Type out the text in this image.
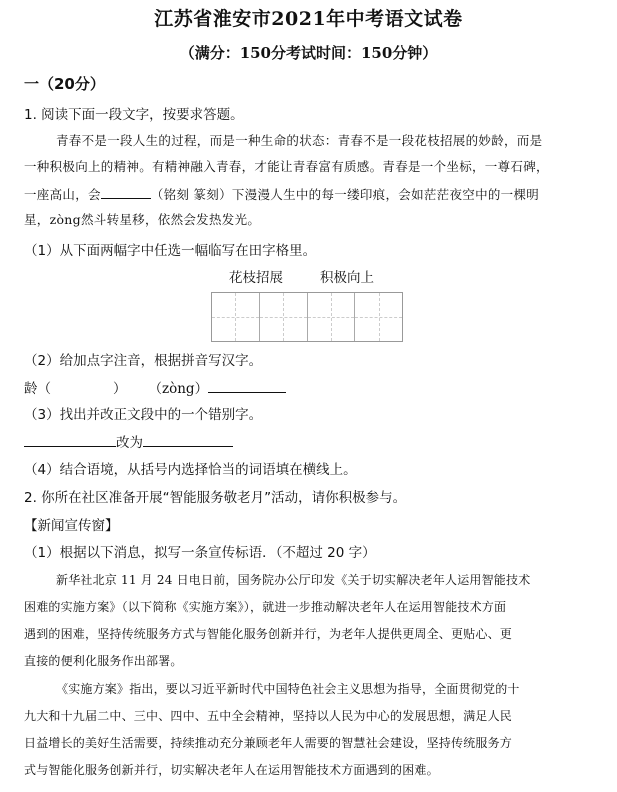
江苏省淮安市2021年中考语文试卷
（满分：150分考试时间：150分钟）
一（20分）
1. 阅读下面一段文字，按要求答题。
青春不是一段人生的过程，而是一种生命的状态：青春不是一段花枝招展的妙龄，而是
一种积极向上的精神。有精神融入青春，才能让青春富有质感。青春是一个坐标，一尊石碑，
一座高山，会	（铭刻 篆刻）下漫漫人生中的每一缕印痕，会如茫茫夜空中的一棵明
星，zòng然斗转星移，依然会发热发光。
（1）从下面两幅字中任选一幅临写在田字格里。
花枝招展	积极向上
（2）给加点字注音，根据拼音写汉字。
龄（	） （zòng）
（3）找出并改正文段中的一个错别字。
改为
（4）结合语境，从括号内选择恰当的词语填在横线上。
2. 你所在社区准备开展“智能服务敬老月”活动，请你积极参与。
【新闻宣传窗】
（1）根据以下消息，拟写一条宣传标语．（不超过 20 字）
新华社北京 11 月 24 日电日前，国务院办公厅印发《关于切实解决老年人运用智能技术
困难的实施方案》（以下简称《实施方案》），就进一步推动解决老年人在运用智能技术方面
遇到的困难，坚持传统服务方式与智能化服务创新并行，为老年人提供更周全、更贴心、更
直接的便利化服务作出部署。
《实施方案》指出，要以习近平新时代中国特色社会主义思想为指导，全面贯彻党的十
九大和十九届二中、三中、四中、五中全会精神，坚持以人民为中心的发展思想，满足人民
日益增长的美好生活需要，持续推动充分兼顾老年人需要的智慧社会建设，坚持传统服务方
式与智能化服务创新并行，切实解决老年人在运用智能技术方面遇到的困难。
